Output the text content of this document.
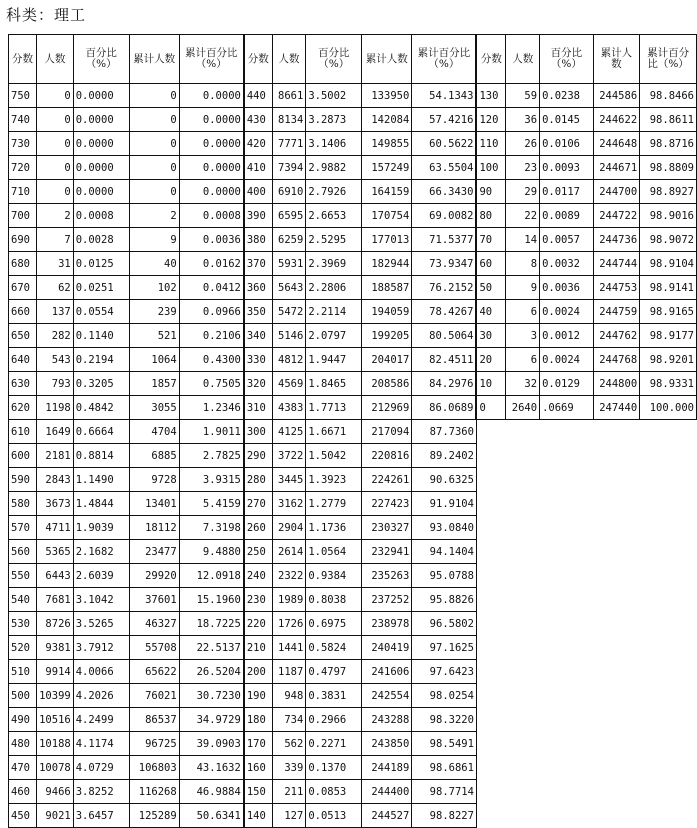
科类：理工
分数	人数	百分比（%）	累计人数	累计百分比（%）	分数	人数	百分比（%）	累计人数	累计百分比（%）	分数	人数	百分比（%）	累计人数	累计百分比（%）
750	0	0.0000	0	0.0000	440	8661	3.5002	133950	54.1343	130	59	0.0238	244586	98.8466
740	0	0.0000	0	0.0000	430	8134	3.2873	142084	57.4216	120	36	0.0145	244622	98.8611
730	0	0.0000	0	0.0000	420	7771	3.1406	149855	60.5622	110	26	0.0106	244648	98.8716
720	0	0.0000	0	0.0000	410	7394	2.9882	157249	63.5504	100	23	0.0093	244671	98.8809
710	0	0.0000	0	0.0000	400	6910	2.7926	164159	66.3430	90	29	0.0117	244700	98.8927
700	2	0.0008	2	0.0008	390	6595	2.6653	170754	69.0082	80	22	0.0089	244722	98.9016
690	7	0.0028	9	0.0036	380	6259	2.5295	177013	71.5377	70	14	0.0057	244736	98.9072
680	31	0.0125	40	0.0162	370	5931	2.3969	182944	73.9347	60	8	0.0032	244744	98.9104
670	62	0.0251	102	0.0412	360	5643	2.2806	188587	76.2152	50	9	0.0036	244753	98.9141
660	137	0.0554	239	0.0966	350	5472	2.2114	194059	78.4267	40	6	0.0024	244759	98.9165
650	282	0.1140	521	0.2106	340	5146	2.0797	199205	80.5064	30	3	0.0012	244762	98.9177
640	543	0.2194	1064	0.4300	330	4812	1.9447	204017	82.4511	20	6	0.0024	244768	98.9201
630	793	0.3205	1857	0.7505	320	4569	1.8465	208586	84.2976	10	32	0.0129	244800	98.9331
620	1198	0.4842	3055	1.2346	310	4383	1.7713	212969	86.0689	0	2640	.0669	247440	100.000
610	1649	0.6664	4704	1.9011	300	4125	1.6671	217094	87.7360					
600	2181	0.8814	6885	2.7825	290	3722	1.5042	220816	89.2402					
590	2843	1.1490	9728	3.9315	280	3445	1.3923	224261	90.6325					
580	3673	1.4844	13401	5.4159	270	3162	1.2779	227423	91.9104					
570	4711	1.9039	18112	7.3198	260	2904	1.1736	230327	93.0840					
560	5365	2.1682	23477	9.4880	250	2614	1.0564	232941	94.1404					
550	6443	2.6039	29920	12.0918	240	2322	0.9384	235263	95.0788					
540	7681	3.1042	37601	15.1960	230	1989	0.8038	237252	95.8826					
530	8726	3.5265	46327	18.7225	220	1726	0.6975	238978	96.5802					
520	9381	3.7912	55708	22.5137	210	1441	0.5824	240419	97.1625					
510	9914	4.0066	65622	26.5204	200	1187	0.4797	241606	97.6423					
500	10399	4.2026	76021	30.7230	190	948	0.3831	242554	98.0254					
490	10516	4.2499	86537	34.9729	180	734	0.2966	243288	98.3220					
480	10188	4.1174	96725	39.0903	170	562	0.2271	243850	98.5491					
470	10078	4.0729	106803	43.1632	160	339	0.1370	244189	98.6861					
460	9466	3.8252	116268	46.9884	150	211	0.0853	244400	98.7714					
450	9021	3.6457	125289	50.6341	140	127	0.0513	244527	98.8227					
